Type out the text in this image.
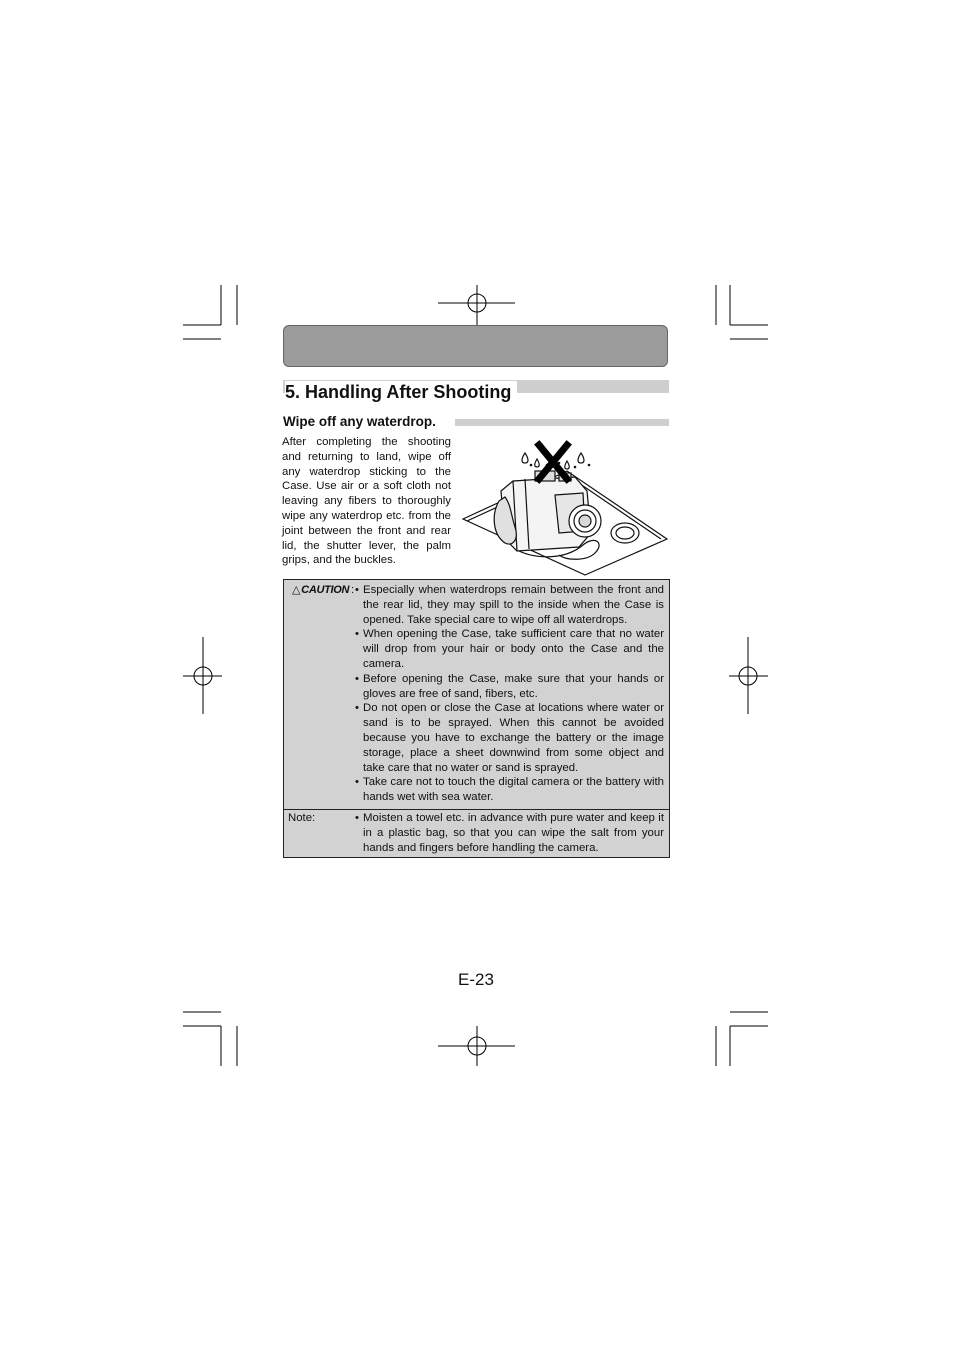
5. Handling After Shooting
Wipe off any waterdrop.

After completing the shooting and returning to land, wipe off any waterdrop sticking to the Case. Use air or a soft cloth not leaving any fibers to thoroughly wipe any waterdrop etc. from the joint between the front and rear lid, the shutter lever, the palm grips, and the buckles.

△CAUTION : • Especially when waterdrops remain between the front and the rear lid, they may spill to the inside when the Case is opened. Take special care to wipe off all waterdrops.
• When opening the Case, take sufficient care that no water will drop from your hair or body onto the Case and the camera.
• Before opening the Case, make sure that your hands or gloves are free of sand, fibers, etc.
• Do not open or close the Case at locations where water or sand is to be sprayed. When this cannot be avoided because you have to exchange the battery or the image storage, place a sheet downwind from some object and take care that no water or sand is sprayed.
• Take care not to touch the digital camera or the battery with hands wet with sea water.
Note:	• Moisten a towel etc. in advance with pure water and keep it in a plastic bag, so that you can wipe the salt from your hands and fingers before handling the camera.
E-23
